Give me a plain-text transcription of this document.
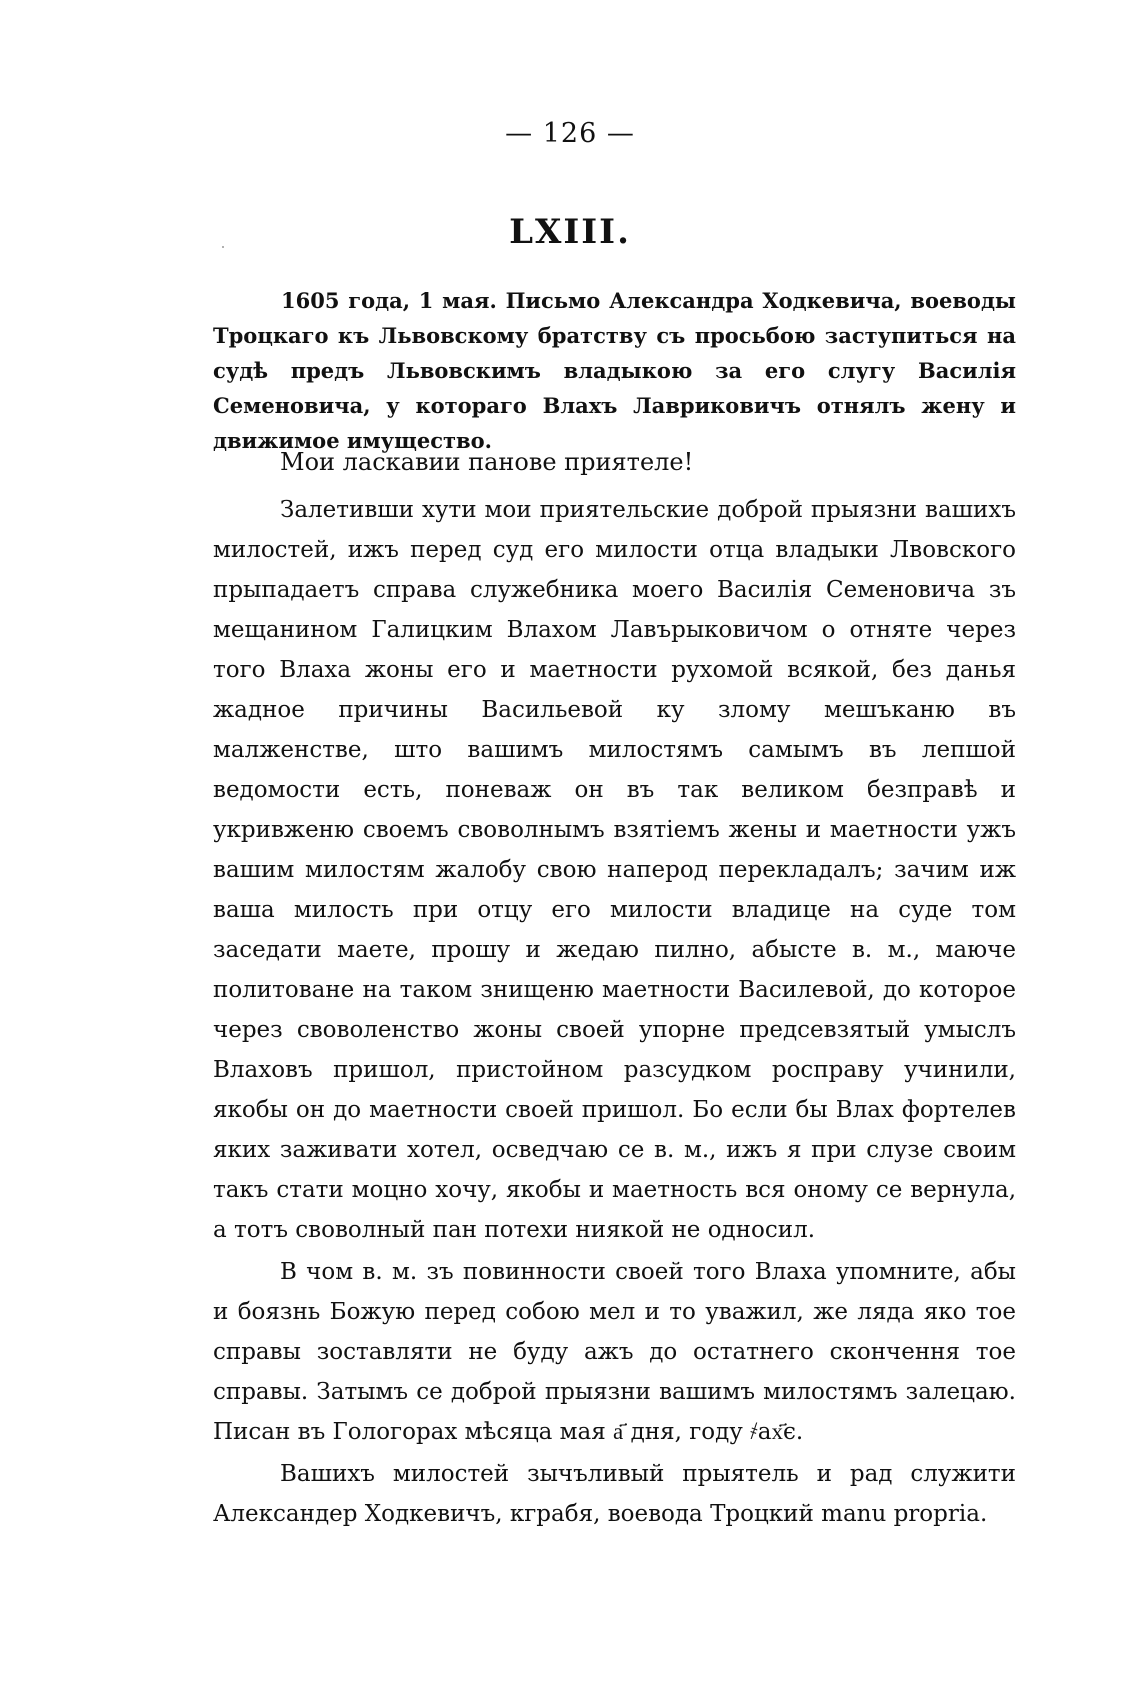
— 126 —
LXIII.

1605 года, 1 мая. Письмо Александра Ходкевича, воеводы Троцкаго къ Львовскому братству съ просьбою заступиться на судѣ предъ Львовскимъ владыкою за его слугу Василія Семеновича, у котораго Влахъ Лавриковичъ отнялъ жену и движимое имущество.

Мои ласкавии панове приятеле!

Залетивши хути мои приятельские доброй прыязни вашихъ милостей, ижъ перед суд его милости отца владыки Лвовского прыпадаетъ справа служебника моего Василія Семеновича зъ мещанином Галицким Влахом Лавърыковичом о отняте через того Влаха жоны его и маетности рухомой всякой, без данья жадное причины Васильевой ку злому мешъканю въ малженстве, што вашимъ милостямъ самымъ въ лепшой ведомости есть, поневаж он въ так великом безправѣ и укривженю своемъ своволнымъ взятіемъ жены и маетности ужъ вашим милостям жалобу свою наперод перекладалъ; зачим иж ваша милость при отцу его милости владице на суде том заседати маете, прошу и жедаю пилно, абысте в. м., маюче политоване на таком знищеню маетности Василевой, до которое через своволенство жоны своей упорне предсевзятый умыслъ Влаховъ пришол, пристойном разсудком росправу учинили, якобы он до маетности своей пришол. Бо если бы Влах фортелев яких заживати хотел, осведчаю се в. м., ижъ я при слузе своим такъ стати моцно хочу, якобы и маетность вся оному се вернула, а тотъ своволный пан потехи ниякой не односил.

В чом в. м. зъ повинности своей того Влаха упомните, абы и боязнь Божую перед собою мел и то уважил, же ляда яко тое справы зоставляти не буду ажъ до остатнего скончення тое справы. Затымъ се доброй прыязни вашимъ милостямъ залецаю. Писан въ Гологорах мѣсяца мая а҃ дня, году ҂ах҃є.

Вашихъ милостей зычъливый прыятель и рад служити Александер Ходкевичъ, кграбя, воевода Троцкий manu propria.
